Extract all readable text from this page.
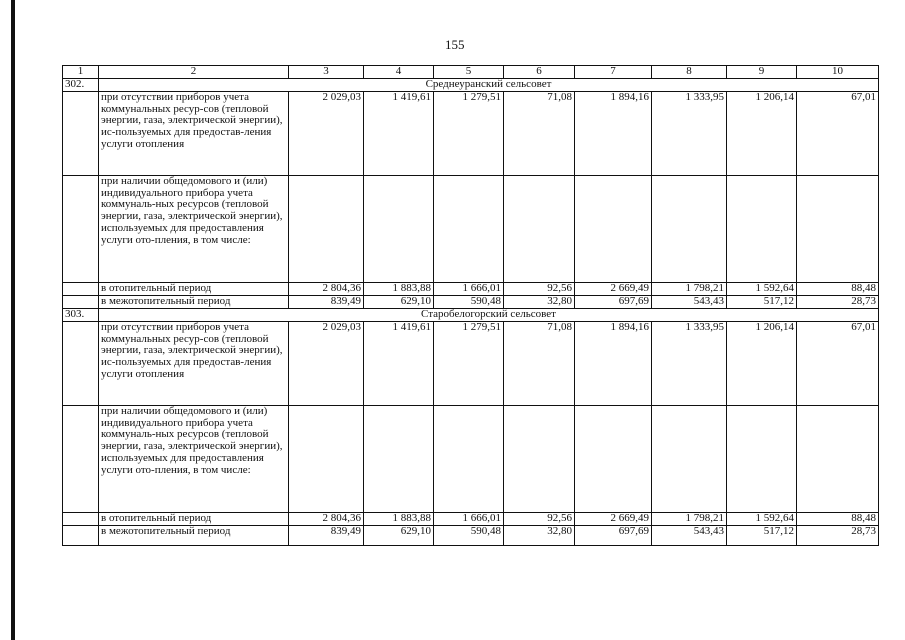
155
1	2	3	4	5	6	7	8	9	10
302.	Среднеуранский сельсовет								
	при отсутствии приборов учета коммунальных ресур-сов (тепловой энергии, газа, электрической энергии), ис-пользуемых для предостав-ления услуги отопления	2 029,03	1 419,61	1 279,51	71,08	1 894,16	1 333,95	1 206,14	67,01
	при наличии общедомового и (или) индивидуального прибора учета коммуналь-ных ресурсов (тепловой энергии, газа, электрической энергии), используемых для предоставления услуги ото-пления, в том числе:								
	в отопительный период	2 804,36	1 883,88	1 666,01	92,56	2 669,49	1 798,21	1 592,64	88,48
	в межотопительный период	839,49	629,10	590,48	32,80	697,69	543,43	517,12	28,73
303.	Старобелогорский сельсовет								
	при отсутствии приборов учета коммунальных ресур-сов (тепловой энергии, газа, электрической энергии), ис-пользуемых для предостав-ления услуги отопления	2 029,03	1 419,61	1 279,51	71,08	1 894,16	1 333,95	1 206,14	67,01
	при наличии общедомового и (или) индивидуального прибора учета коммуналь-ных ресурсов (тепловой энергии, газа, электрической энергии), используемых для предоставления услуги ото-пления, в том числе:								
	в отопительный период	2 804,36	1 883,88	1 666,01	92,56	2 669,49	1 798,21	1 592,64	88,48
	в межотопительный период	839,49	629,10	590,48	32,80	697,69	543,43	517,12	28,73
